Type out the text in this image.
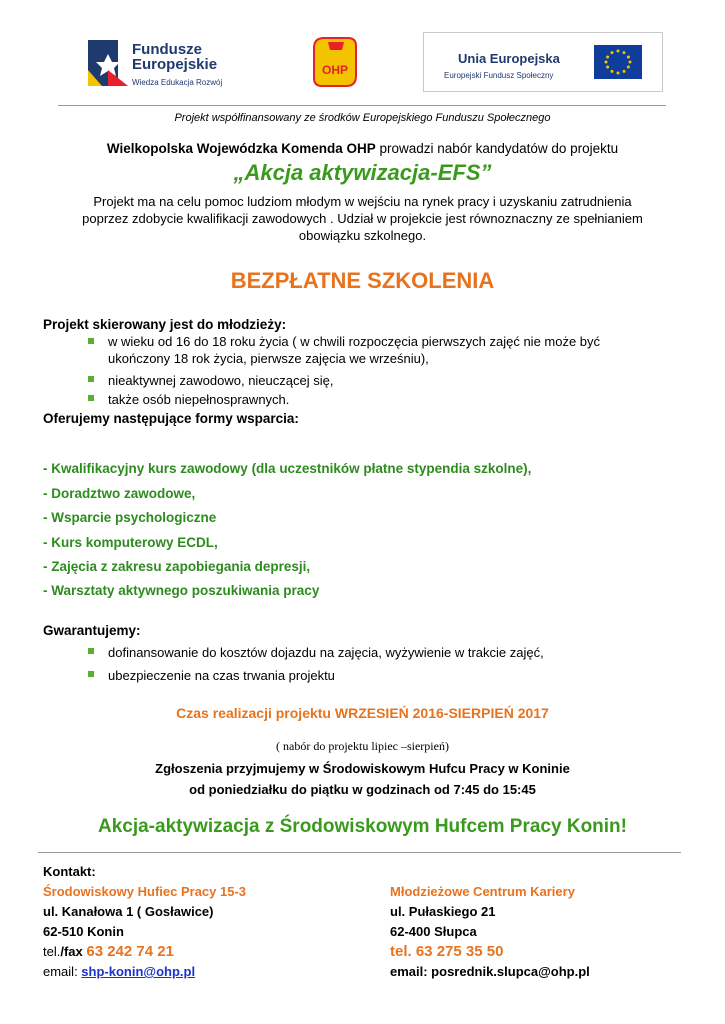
Fundusze
Europejskie
Wiedza Edukacja Rozwój
OHP
Unia Europejska
Europejski Fundusz Społeczny
Projekt współfinansowany ze środków Europejskiego Funduszu Społecznego
Wielkopolska Wojewódzka Komenda OHP prowadzi nabór kandydatów do projektu
„Akcja aktywizacja-EFS”
Projekt ma na celu pomoc ludziom młodym w wejściu na rynek pracy i uzyskaniu zatrudnienia
poprzez zdobycie kwalifikacji zawodowych . Udział w projekcie jest równoznaczny ze spełnianiem
obowiązku szkolnego.
BEZPŁATNE SZKOLENIA
Projekt skierowany jest do młodzieży:
w wieku od 16 do 18 roku życia ( w chwili rozpoczęcia pierwszych zajęć nie może być
ukończony 18 rok życia, pierwsze zajęcia we wrześniu),
nieaktywnej zawodowo, nieuczącej się,
także osób niepełnosprawnych.
Oferujemy następujące formy wsparcia:
- Kwalifikacyjny kurs zawodowy (dla uczestników płatne stypendia szkolne),
- Doradztwo zawodowe,
- Wsparcie psychologiczne
- Kurs komputerowy ECDL,
- Zajęcia z zakresu zapobiegania depresji,
- Warsztaty aktywnego poszukiwania pracy
Gwarantujemy:
dofinansowanie do kosztów dojazdu na zajęcia, wyżywienie w trakcie zajęć,
ubezpieczenie na czas trwania projektu
Czas realizacji projektu WRZESIEŃ 2016-SIERPIEŃ 2017
( nabór do projektu lipiec –sierpień)
Zgłoszenia przyjmujemy w Środowiskowym Hufcu Pracy w Koninie
od poniedziałku do piątku w godzinach od 7:45 do 15:45
Akcja-aktywizacja z Środowiskowym Hufcem Pracy Konin!
Kontakt:
Środowiskowy Hufiec Pracy 15-3
ul. Kanałowa 1 ( Gosławice)
62-510 Konin
tel./fax 63 242 74 21
email: shp-konin@ohp.pl
Młodzieżowe Centrum Kariery
ul. Pułaskiego 21
62-400 Słupca
tel. 63 275 35 50
email: posrednik.slupca@ohp.pl
